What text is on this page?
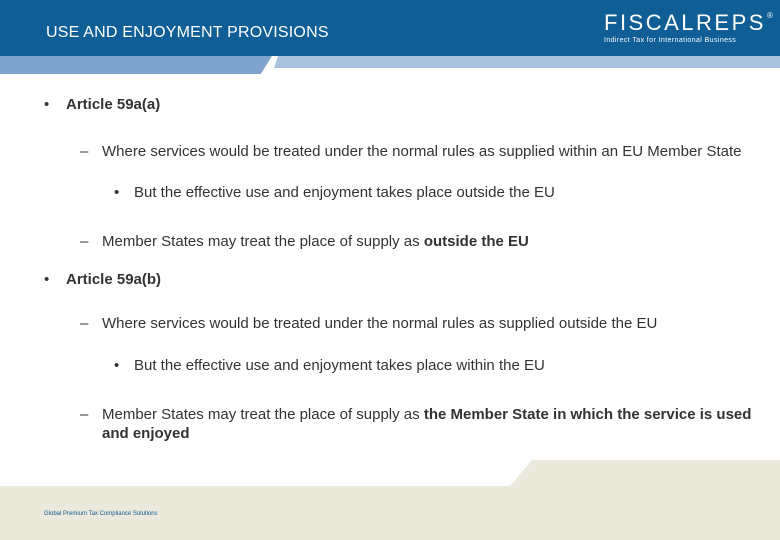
USE AND ENJOYMENT PROVISIONS	FISCALREPS ®
Indirect Tax for International Business
• Article 59a(a)
– Where services would be treated under the normal rules as supplied within an EU Member State
• But the effective use and enjoyment takes place outside the EU
– Member States may treat the place of supply as outside the EU
• Article 59a(b)
– Where services would be treated under the normal rules as supplied outside the EU
• But the effective use and enjoyment takes place within the EU
– Member States may treat the place of supply as the Member State in which the service is used and enjoyed
Global Premium Tax Compliance Solutions
